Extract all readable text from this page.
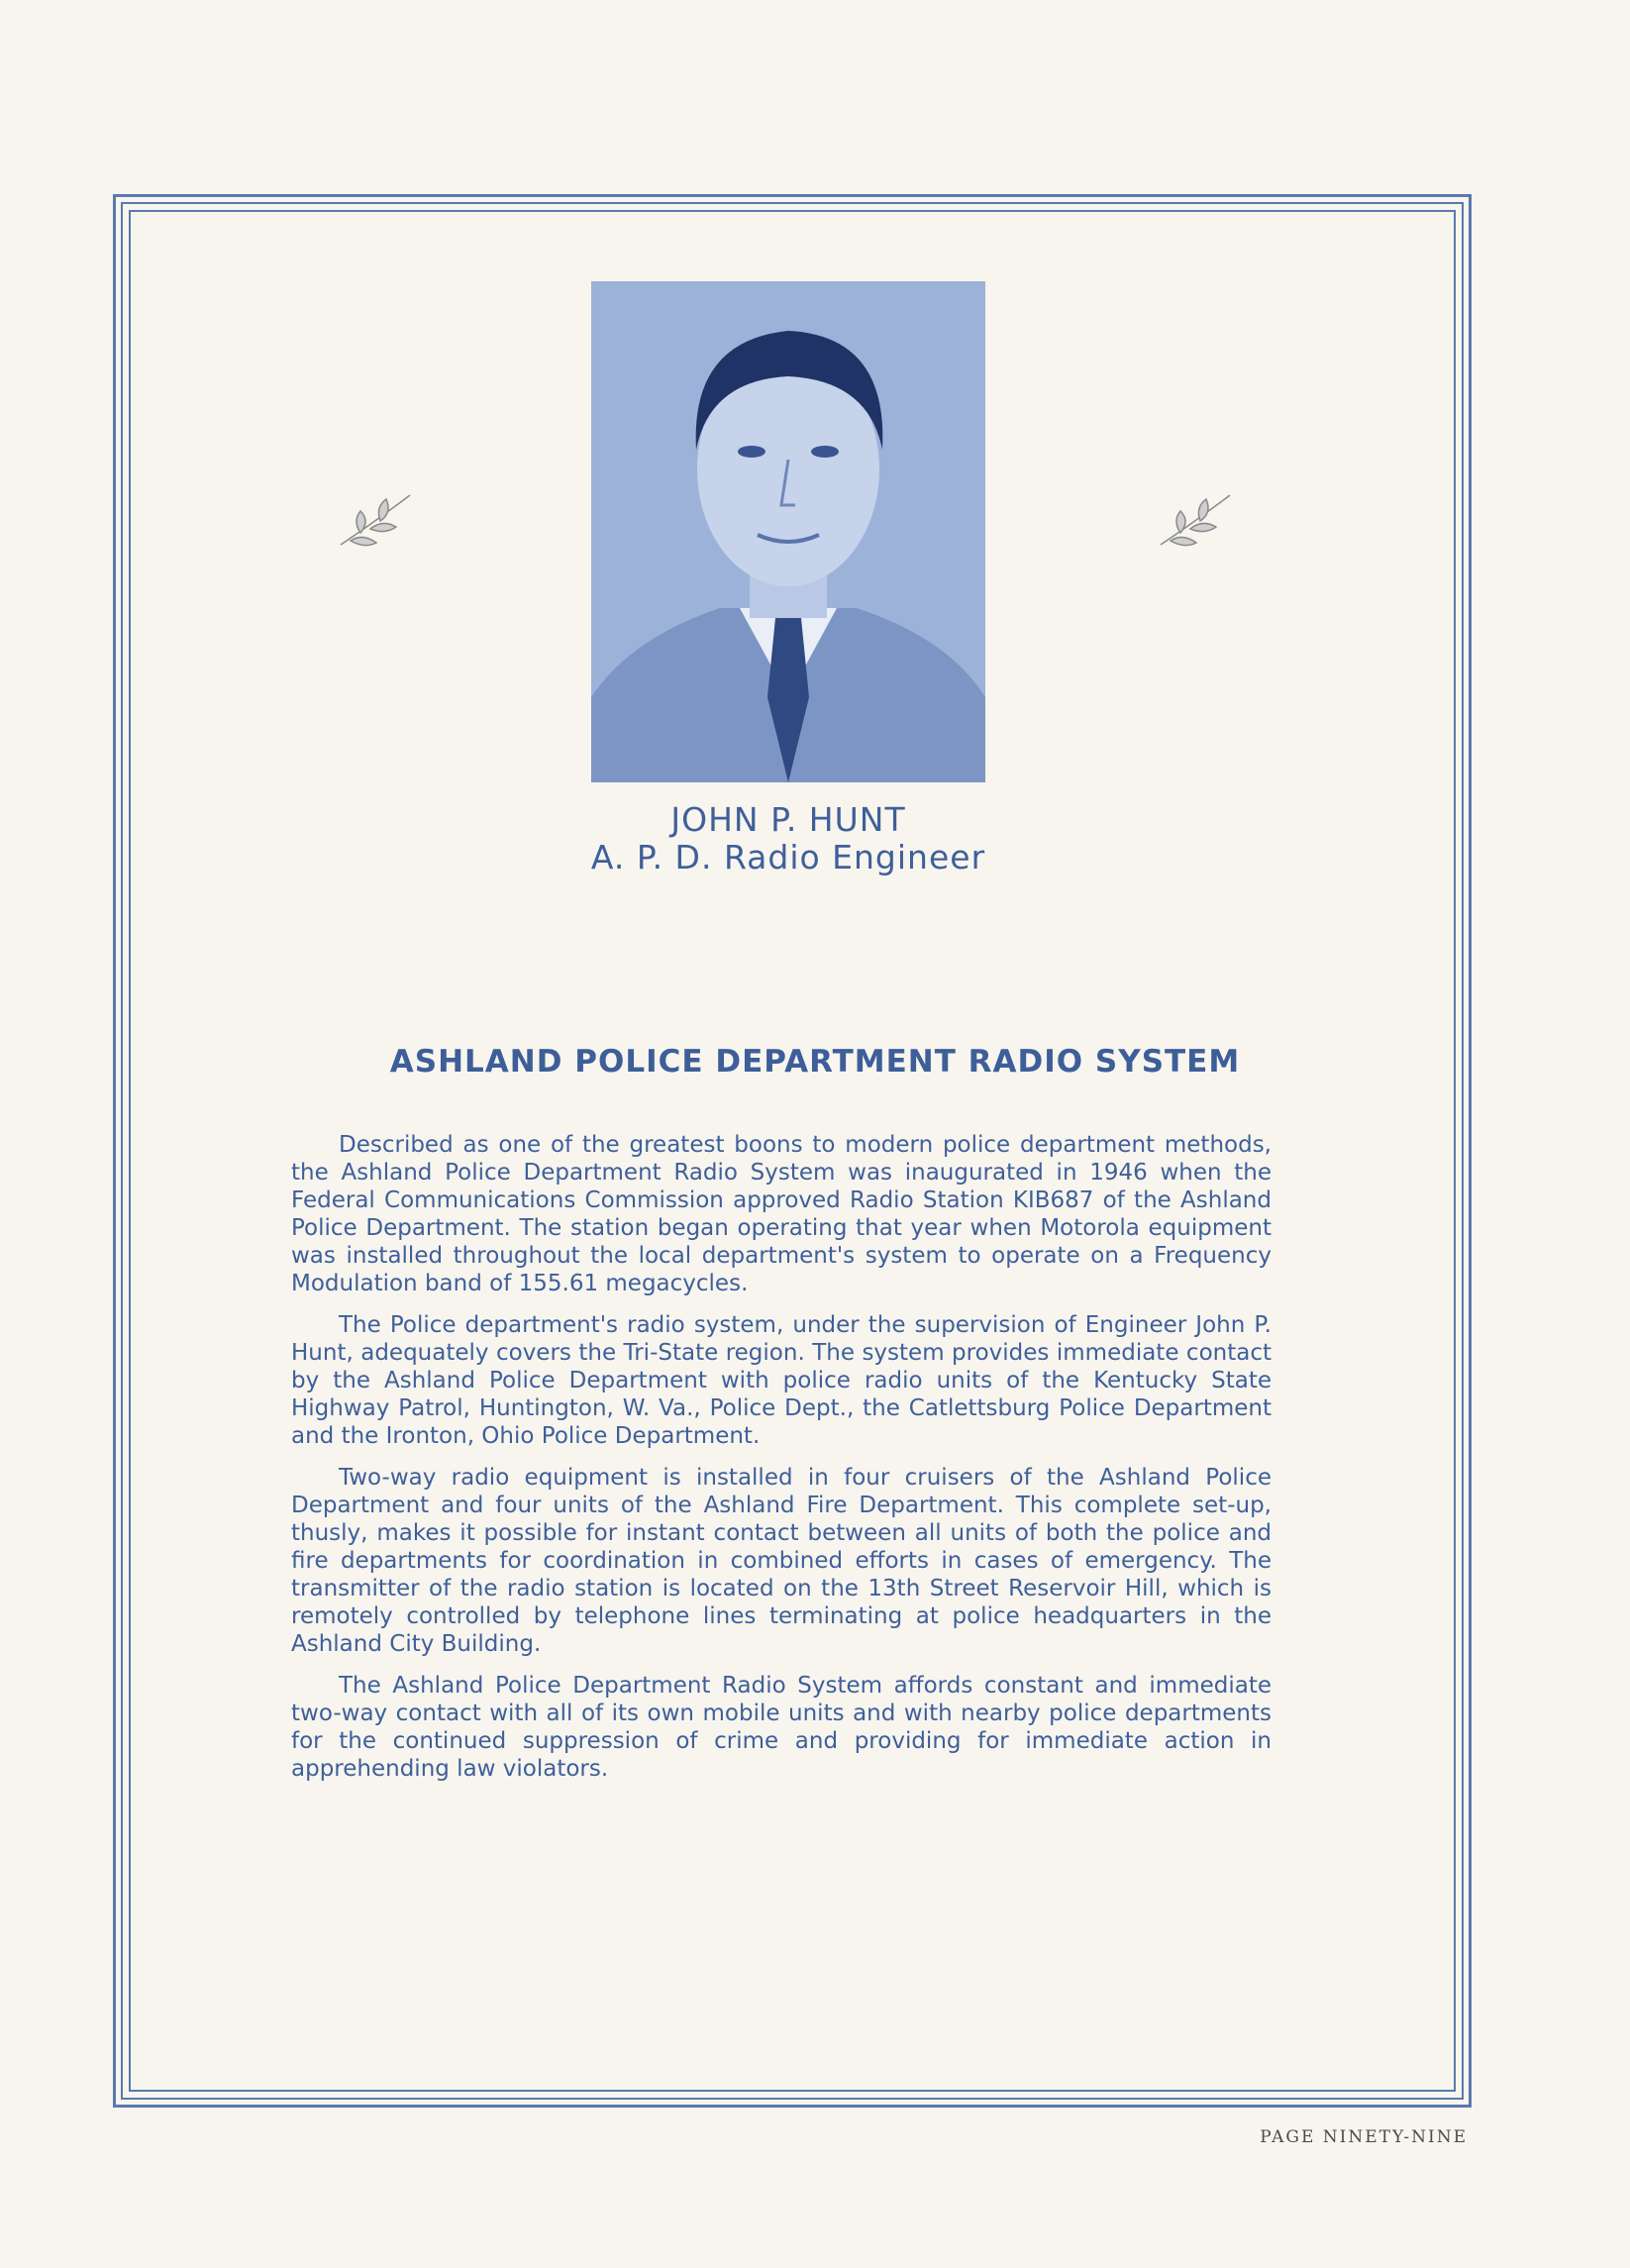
JOHN P. HUNT
A. P. D. Radio Engineer
ASHLAND POLICE DEPARTMENT RADIO SYSTEM

Described as one of the greatest boons to modern police department methods, the Ashland Police Department Radio System was inaugurated in 1946 when the Federal Communications Commission approved Radio Station KIB687 of the Ashland Police Department. The station began operating that year when Motorola equipment was installed throughout the local department's system to operate on a Frequency Modulation band of 155.61 megacycles.

The Police department's radio system, under the supervision of Engineer John P. Hunt, adequately covers the Tri-State region. The system provides immediate contact by the Ashland Police Department with police radio units of the Kentucky State Highway Patrol, Huntington, W. Va., Police Dept., the Catlettsburg Police Department and the Ironton, Ohio Police Department.

Two-way radio equipment is installed in four cruisers of the Ashland Police Department and four units of the Ashland Fire Department. This complete set-up, thusly, makes it possible for instant contact between all units of both the police and fire departments for coordination in combined efforts in cases of emergency. The transmitter of the radio station is located on the 13th Street Reservoir Hill, which is remotely controlled by telephone lines terminating at police headquarters in the Ashland City Building.

The Ashland Police Department Radio System affords constant and immediate two-way contact with all of its own mobile units and with nearby police departments for the continued suppression of crime and providing for immediate action in apprehending law violators.

PAGE NINETY-NINE
